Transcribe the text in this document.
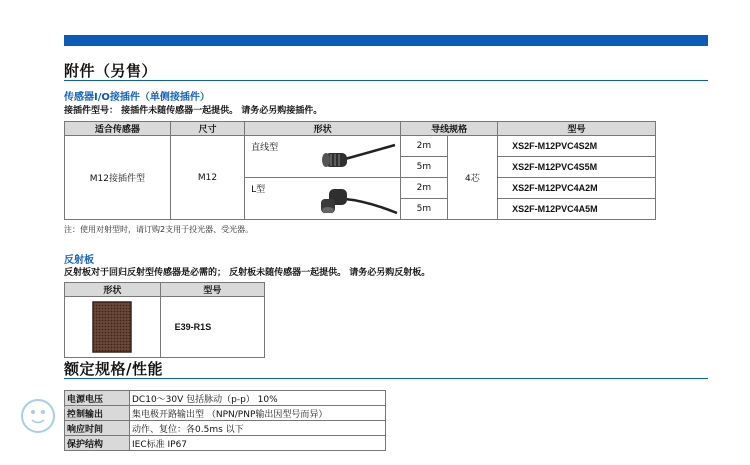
附件（另售）
传感器I/O接插件（单侧接插件）
接插件型号： 接插件未随传感器一起提供。 请务必另购接插件。
适合传感器	尺寸	形状	导线规格		型号
M12接插件型	M12	直线型	2m	4芯	XS2F-M12PVC4S2M
			5m		XS2F-M12PVC4S5M

		L型	2m		XS2F-M12PVC4A2M
			5m		XS2F-M12PVC4A5M
注：使用对射型时，请订购2支用于投光器、受光器。
反射板
反射板对于回归反射型传感器是必需的； 反射板未随传感器一起提供。 请务必另购反射板。
形状	型号

	E39-R1S
额定规格/性能
电源电压	DC10～30V 包括脉动（p-p） 10%
控制输出	集电极开路输出型 （NPN/PNP输出因型号而异）
响应时间	动作、复位：各0.5ms 以下
保护结构	IEC标准 IP67
